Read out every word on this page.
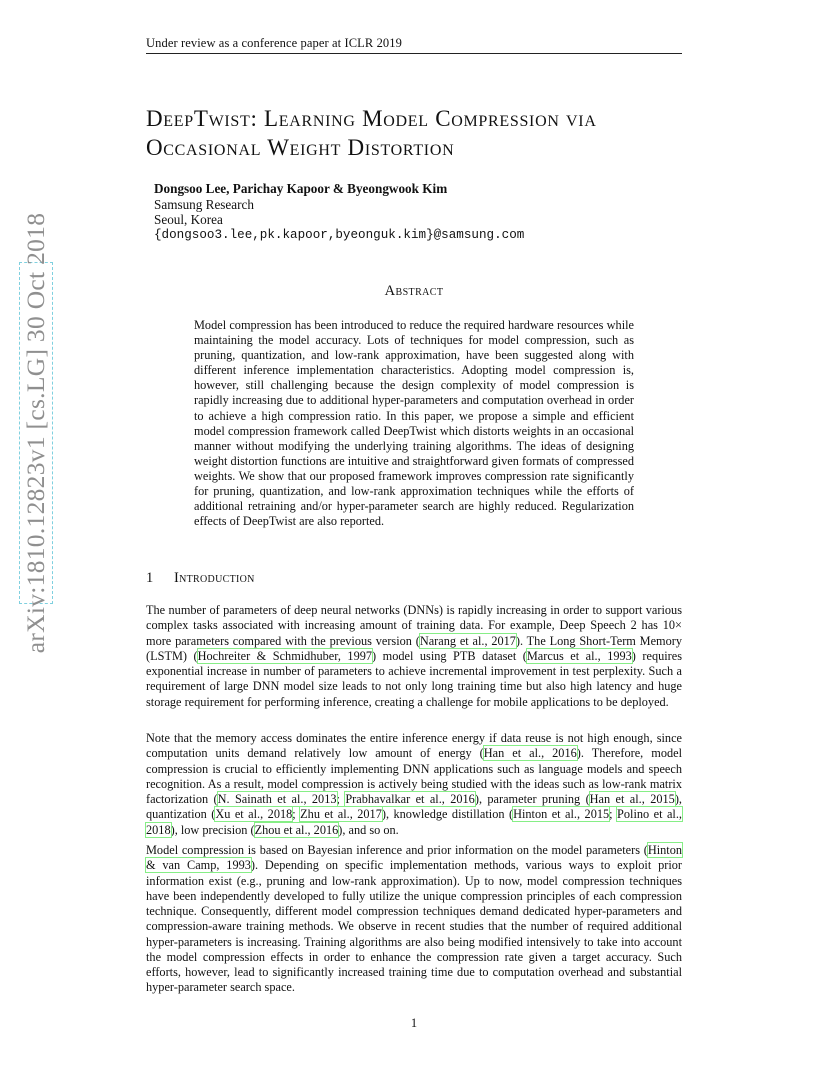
Under review as a conference paper at ICLR 2019
arXiv:1810.12823v1 [cs.LG] 30 Oct 2018
DeepTwist: Learning Model Compression via
Occasional Weight Distortion
Dongsoo Lee, Parichay Kapoor & Byeongwook Kim
Samsung Research
Seoul, Korea
{dongsoo3.lee,pk.kapoor,byeonguk.kim}@samsung.com
Abstract
Model compression has been introduced to reduce the required hardware resources while maintaining the model accuracy. Lots of techniques for model compression, such as pruning, quantization, and low-rank approximation, have been suggested along with different inference implementation characteristics. Adopting model compression is, however, still challenging because the design complexity of model compression is rapidly increasing due to additional hyper-parameters and computation overhead in order to achieve a high compression ratio. In this paper, we propose a simple and efficient model compression framework called DeepTwist which distorts weights in an occasional manner without modifying the underlying training algorithms. The ideas of designing weight distortion functions are intuitive and straightforward given formats of compressed weights. We show that our proposed framework improves compression rate significantly for pruning, quantization, and low-rank approximation techniques while the efforts of additional retraining and/or hyper-parameter search are highly reduced. Regularization effects of DeepTwist are also reported.
1 Introduction
The number of parameters of deep neural networks (DNNs) is rapidly increasing in order to support various complex tasks associated with increasing amount of training data. For example, Deep Speech 2 has 10× more parameters compared with the previous version (Narang et al., 2017). The Long Short-Term Memory (LSTM) (Hochreiter & Schmidhuber, 1997) model using PTB dataset (Marcus et al., 1993) requires exponential increase in number of parameters to achieve incremental improvement in test perplexity. Such a requirement of large DNN model size leads to not only long training time but also high latency and huge storage requirement for performing inference, creating a challenge for mobile applications to be deployed.
Note that the memory access dominates the entire inference energy if data reuse is not high enough, since computation units demand relatively low amount of energy (Han et al., 2016). Therefore, model compression is crucial to efficiently implementing DNN applications such as language models and speech recognition. As a result, model compression is actively being studied with the ideas such as low-rank matrix factorization (N. Sainath et al., 2013; Prabhavalkar et al., 2016), parameter pruning (Han et al., 2015), quantization (Xu et al., 2018; Zhu et al., 2017), knowledge distillation (Hinton et al., 2015; Polino et al., 2018), low precision (Zhou et al., 2016), and so on.
Model compression is based on Bayesian inference and prior information on the model parameters (Hinton & van Camp, 1993). Depending on specific implementation methods, various ways to exploit prior information exist (e.g., pruning and low-rank approximation). Up to now, model compression techniques have been independently developed to fully utilize the unique compression principles of each compression technique. Consequently, different model compression techniques demand dedicated hyper-parameters and compression-aware training methods. We observe in recent studies that the number of required additional hyper-parameters is increasing. Training algorithms are also being modified intensively to take into account the model compression effects in order to enhance the compression rate given a target accuracy. Such efforts, however, lead to significantly increased training time due to computation overhead and substantial hyper-parameter search space.
1
